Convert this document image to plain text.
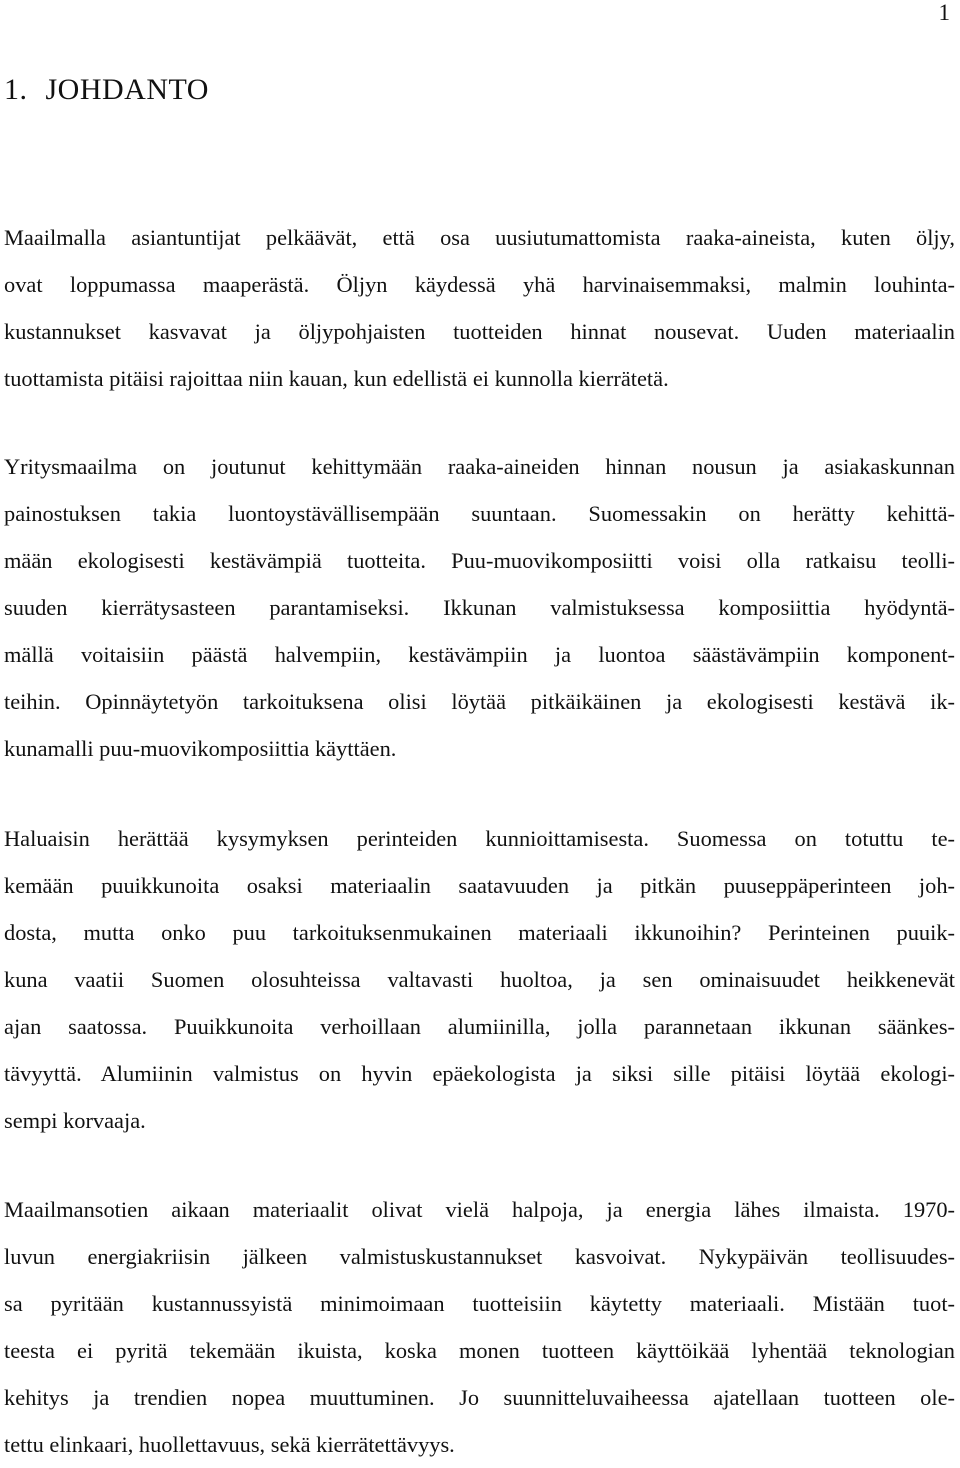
1
1. JOHDANTO

Maailmalla asiantuntijat pelkäävät, että osa uusiutumattomista raaka-aineista, kuten öljy,
ovat loppumassa maaperästä. Öljyn käydessä yhä harvinaisemmaksi, malmin louhinta-
kustannukset kasvavat ja öljypohjaisten tuotteiden hinnat nousevat. Uuden materiaalin
tuottamista pitäisi rajoittaa niin kauan, kun edellistä ei kunnolla kierrätetä.

Yritysmaailma on joutunut kehittymään raaka-aineiden hinnan nousun ja asiakaskunnan
painostuksen takia luontoystävällisempään suuntaan. Suomessakin on herätty kehittä-
mään ekologisesti kestävämpiä tuotteita. Puu-muovikomposiitti voisi olla ratkaisu teolli-
suuden kierrätysasteen parantamiseksi. Ikkunan valmistuksessa komposiittia hyödyntä-
mällä voitaisiin päästä halvempiin, kestävämpiin ja luontoa säästävämpiin komponent-
teihin. Opinnäytetyön tarkoituksena olisi löytää pitkäikäinen ja ekologisesti kestävä ik-
kunamalli puu-muovikomposiittia käyttäen.

Haluaisin herättää kysymyksen perinteiden kunnioittamisesta. Suomessa on totuttu te-
kemään puuikkunoita osaksi materiaalin saatavuuden ja pitkän puuseppäperinteen joh-
dosta, mutta onko puu tarkoituksenmukainen materiaali ikkunoihin? Perinteinen puuik-
kuna vaatii Suomen olosuhteissa valtavasti huoltoa, ja sen ominaisuudet heikkenevät
ajan saatossa. Puuikkunoita verhoillaan alumiinilla, jolla parannetaan ikkunan säänkes-
tävyyttä. Alumiinin valmistus on hyvin epäekologista ja siksi sille pitäisi löytää ekologi-
sempi korvaaja.

Maailmansotien aikaan materiaalit olivat vielä halpoja, ja energia lähes ilmaista. 1970-
luvun energiakriisin jälkeen valmistuskustannukset kasvoivat. Nykypäivän teollisuudes-
sa pyritään kustannussyistä minimoimaan tuotteisiin käytetty materiaali. Mistään tuot-
teesta ei pyritä tekemään ikuista, koska monen tuotteen käyttöikää lyhentää teknologian
kehitys ja trendien nopea muuttuminen. Jo suunnitteluvaiheessa ajatellaan tuotteen ole-
tettu elinkaari, huollettavuus, sekä kierrätettävyys.
